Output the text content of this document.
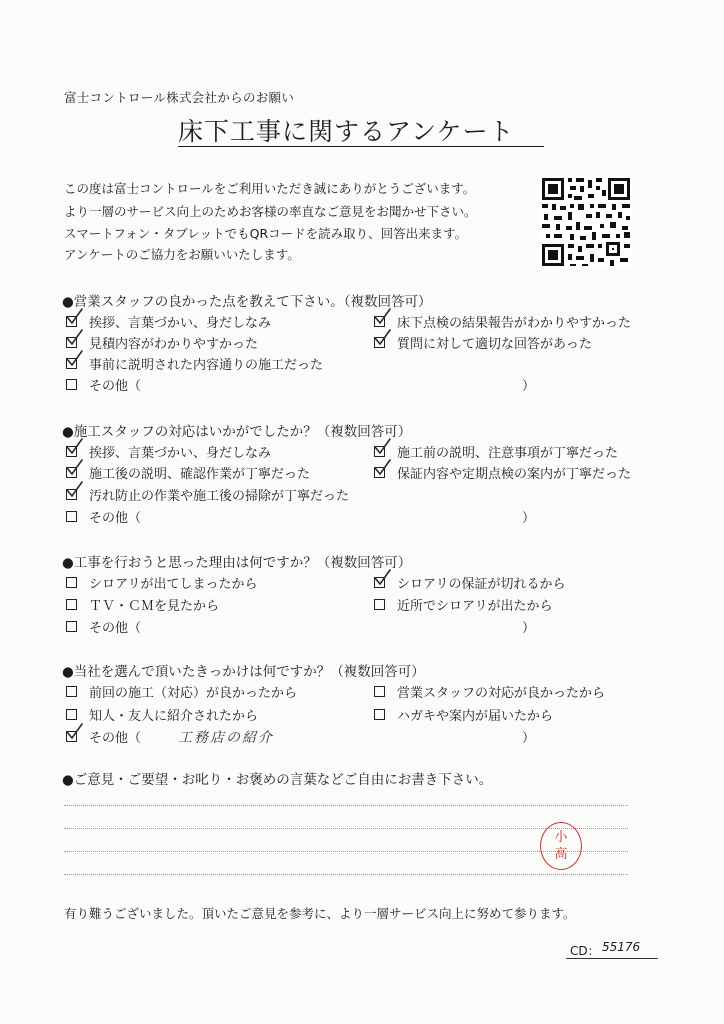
富士コントロール株式会社からのお願い
床下工事に関するアンケート
この度は富士コントロールをご利用いただき誠にありがとうございます。
より一層のサービス向上のためお客様の率直なご意見をお聞かせ下さい。
スマートフォン・タブレットでもQRコードを読み取り、回答出来ます。
アンケートのご協力をお願いいたします。
●営業スタッフの良かった点を教えて下さい。（複数回答可）
挨拶、言葉づかい、身だしなみ
見積内容がわかりやすかった
事前に説明された内容通りの施工だった
その他（	）
床下点検の結果報告がわかりやすかった
質問に対して適切な回答があった
●施工スタッフの対応はいかがでしたか？（複数回答可）
挨拶、言葉づかい、身だしなみ
施工後の説明、確認作業が丁寧だった
汚れ防止の作業や施工後の掃除が丁寧だった
その他（	）
施工前の説明、注意事項が丁寧だった
保証内容や定期点検の案内が丁寧だった
●工事を行おうと思った理由は何ですか？（複数回答可）
シロアリが出てしまったから
ＴＶ・ＣＭを見たから
その他（	）
シロアリの保証が切れるから
近所でシロアリが出たから
●当社を選んで頂いたきっかけは何ですか？（複数回答可）
前回の施工（対応）が良かったから
知人・友人に紹介されたから
その他（	工務店の紹介	）
営業スタッフの対応が良かったから
ハガキや案内が届いたから
●ご意見・ご要望・お叱り・お褒めの言葉などご自由にお書き下さい。
小
高
有り難うございました。頂いたご意見を参考に、より一層サービス向上に努めて参ります。
CD： 55176
